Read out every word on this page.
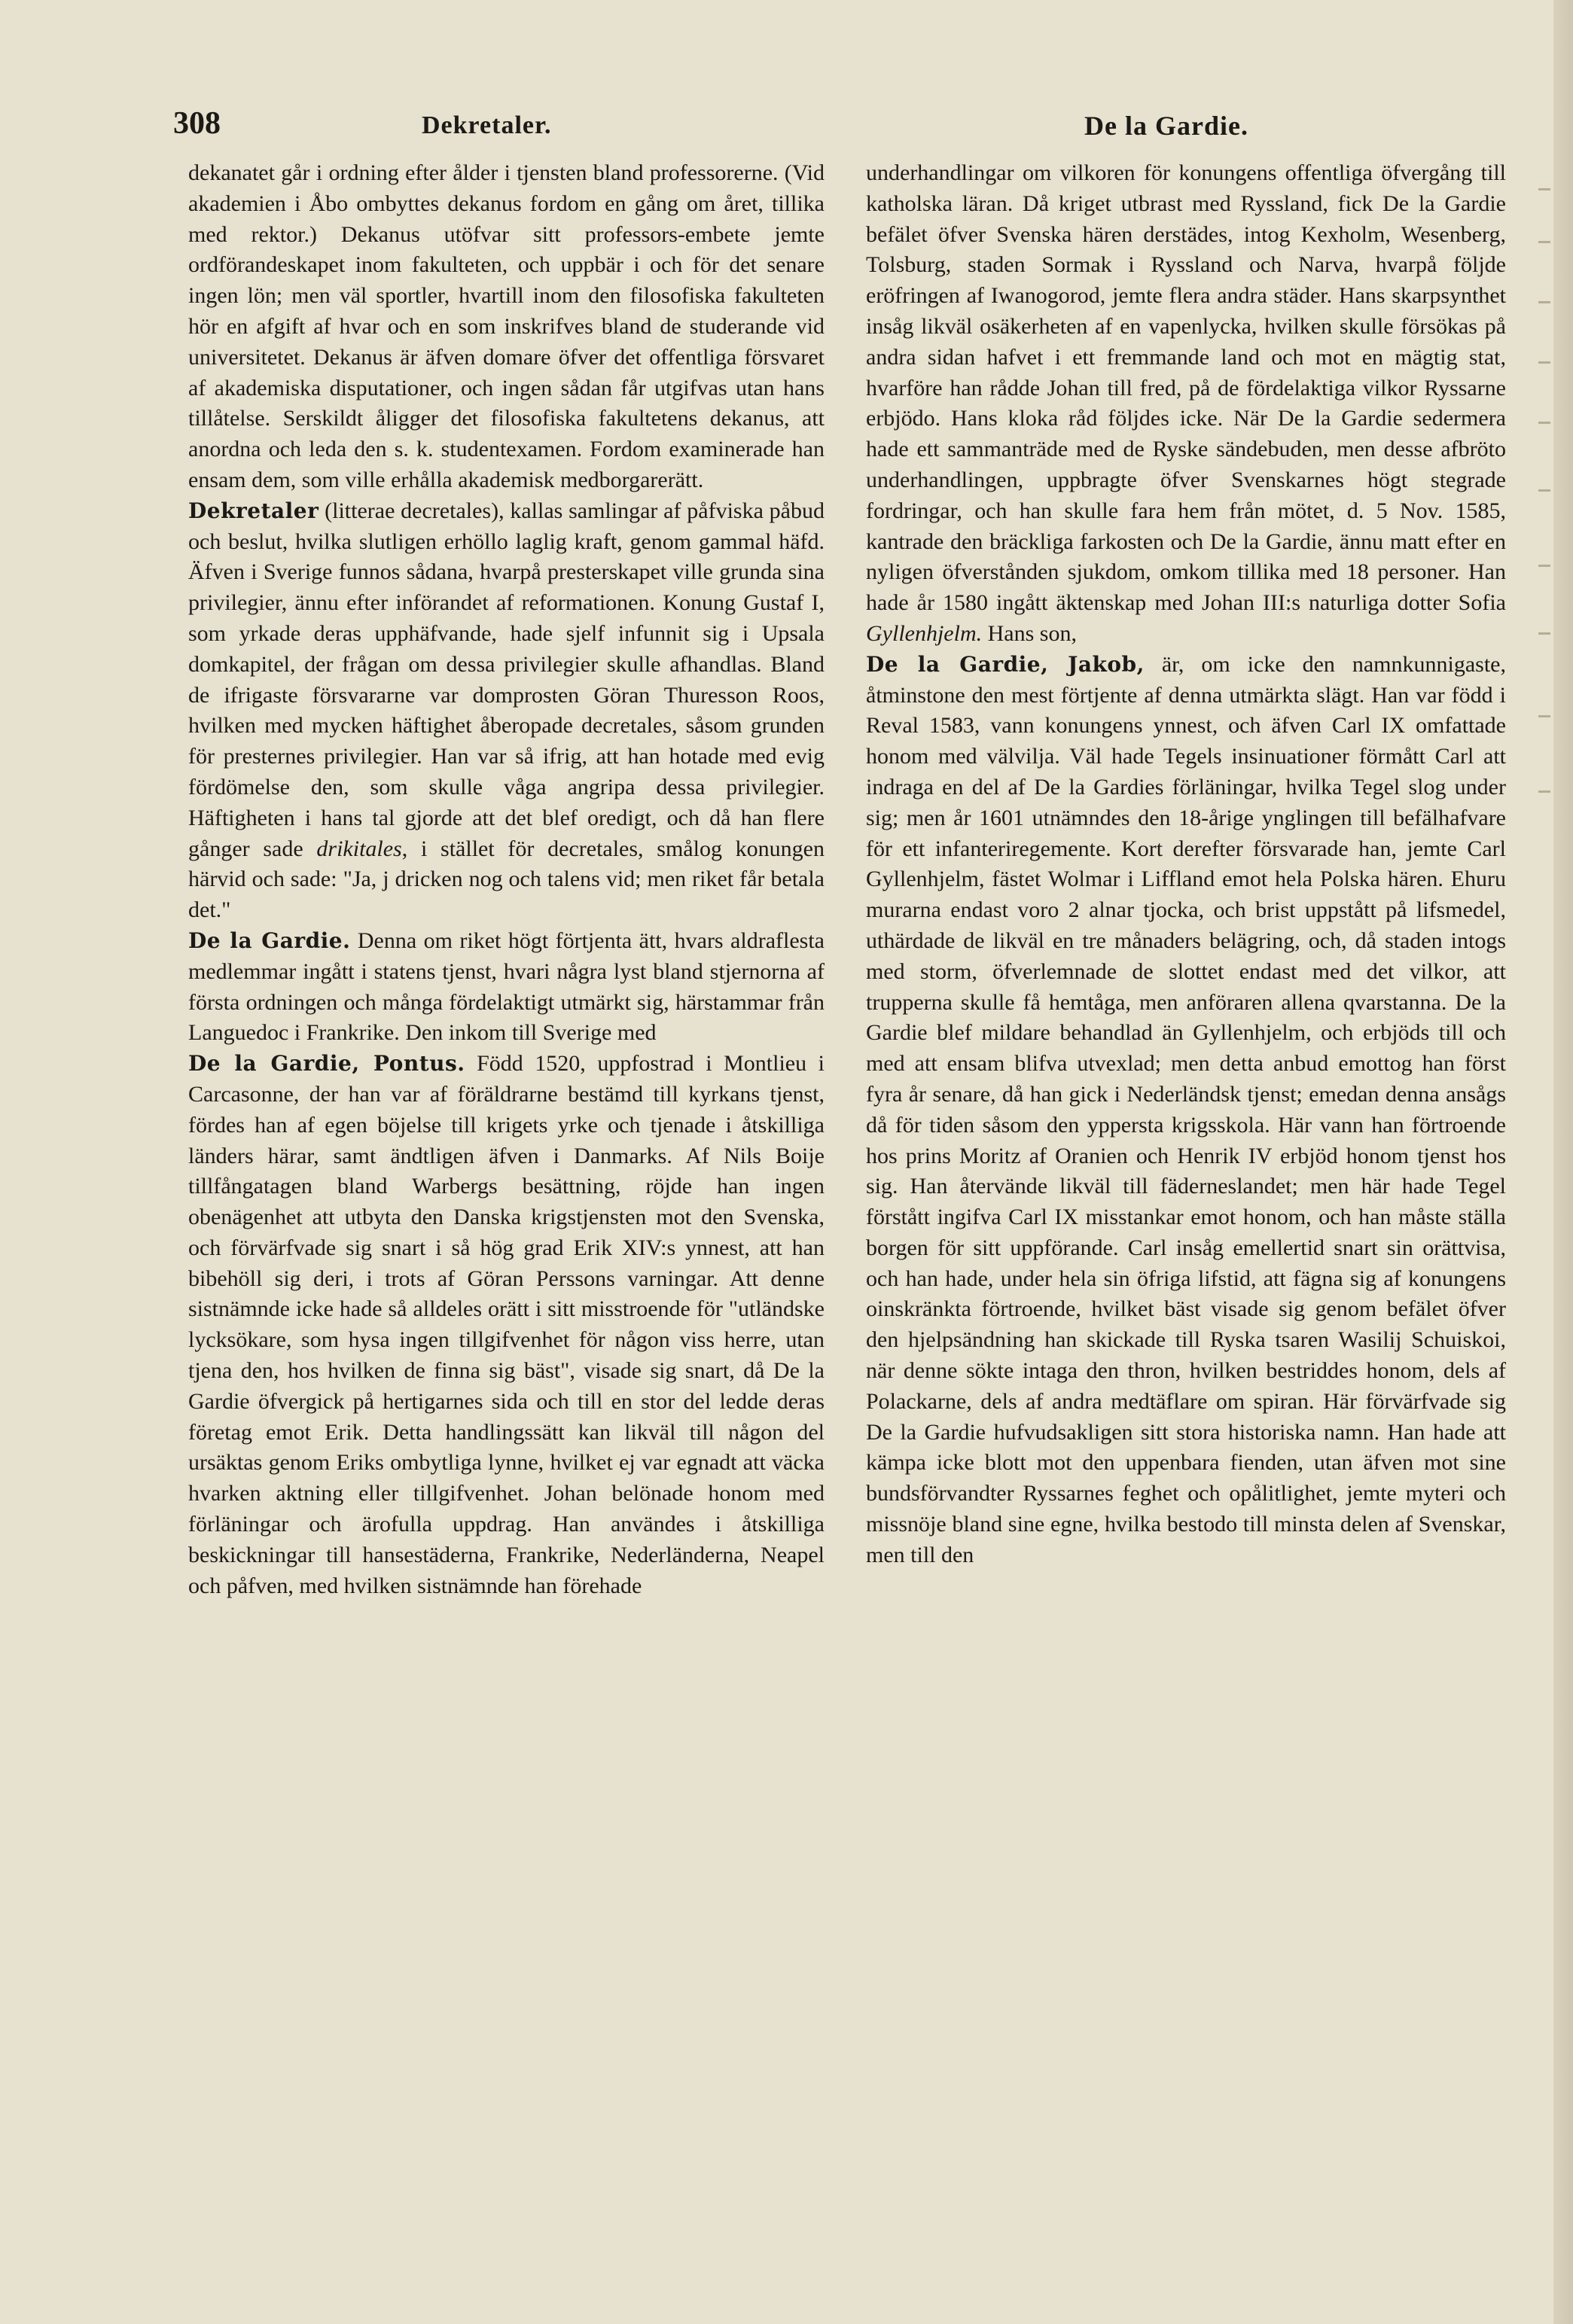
308	Dekretaler.	De la Gardie.

dekanatet går i ordning efter ålder i tjensten bland professorerne. (Vid akademien i Åbo ombyttes dekanus fordom en gång om året, tillika med rektor.) Dekanus utöfvar sitt professors-embete jemte ordförandeskapet inom fakulteten, och uppbär i och för det senare ingen lön; men väl sportler, hvartill inom den filosofiska fakulteten hör en afgift af hvar och en som inskrifves bland de studerande vid universitetet. Dekanus är äfven domare öfver det offentliga försvaret af akademiska disputationer, och ingen sådan får utgifvas utan hans tillåtelse. Serskildt åligger det filosofiska fakultetens dekanus, att anordna och leda den s. k. studentexamen. Fordom examinerade han ensam dem, som ville erhålla akademisk medborgarerätt.

Dekretaler (litterae decretales), kallas samlingar af påfviska påbud och beslut, hvilka slutligen erhöllo laglig kraft, genom gammal häfd. Äfven i Sverige funnos sådana, hvarpå presterskapet ville grunda sina privilegier, ännu efter införandet af reformationen. Konung Gustaf I, som yrkade deras upphäfvande, hade sjelf infunnit sig i Upsala domkapitel, der frågan om dessa privilegier skulle afhandlas. Bland de ifrigaste försvararne var domprosten Göran Thuresson Roos, hvilken med mycken häftighet åberopade decretales, såsom grunden för presternes privilegier. Han var så ifrig, att han hotade med evig fördömelse den, som skulle våga angripa dessa privilegier. Häftigheten i hans tal gjorde att det blef oredigt, och då han flere gånger sade drikitales, i stället för decretales, smålog konungen härvid och sade: "Ja, j dricken nog och talens vid; men riket får betala det."

De la Gardie. Denna om riket högt förtjenta ätt, hvars aldraflesta medlemmar ingått i statens tjenst, hvari några lyst bland stjernorna af första ordningen och många fördelaktigt utmärkt sig, härstammar från Languedoc i Frankrike. Den inkom till Sverige med

De la Gardie, Pontus. Född 1520, uppfostrad i Montlieu i Carcasonne, der han var af föräldrarne bestämd till kyrkans tjenst, fördes han af egen böjelse till krigets yrke och tjenade i åtskilliga länders härar, samt ändtligen äfven i Danmarks. Af Nils Boije tillfångatagen bland Warbergs besättning, röjde han ingen obenägenhet att utbyta den Danska krigstjensten mot den Svenska, och förvärfvade sig snart i så hög grad Erik XIV:s ynnest, att han bibehöll sig deri, i trots af Göran Perssons varningar. Att denne sistnämnde icke hade så alldeles orätt i sitt misstroende för "utländske lycksökare, som hysa ingen tillgifvenhet för någon viss herre, utan tjena den, hos hvilken de finna sig bäst", visade sig snart, då De la Gardie öfvergick på hertigarnes sida och till en stor del ledde deras företag emot Erik. Detta handlingssätt kan likväl till någon del ursäktas genom Eriks ombytliga lynne, hvilket ej var egnadt att väcka hvarken aktning eller tillgifvenhet. Johan belönade honom med förläningar och ärofulla uppdrag. Han användes i åtskilliga beskickningar till hansestäderna, Frankrike, Nederländerna, Neapel och påfven, med hvilken sistnämnde han förehade

underhandlingar om vilkoren för konungens offentliga öfvergång till katholska läran. Då kriget utbrast med Ryssland, fick De la Gardie befälet öfver Svenska hären derstädes, intog Kexholm, Wesenberg, Tolsburg, staden Sormak i Ryssland och Narva, hvarpå följde eröfringen af Iwanogorod, jemte flera andra städer. Hans skarpsynthet insåg likväl osäkerheten af en vapenlycka, hvilken skulle försökas på andra sidan hafvet i ett fremmande land och mot en mägtig stat, hvarföre han rådde Johan till fred, på de fördelaktiga vilkor Ryssarne erbjödo. Hans kloka råd följdes icke. När De la Gardie sedermera hade ett sammanträde med de Ryske sändebuden, men desse afbröto underhandlingen, uppbragte öfver Svenskarnes högt stegrade fordringar, och han skulle fara hem från mötet, d. 5 Nov. 1585, kantrade den bräckliga farkosten och De la Gardie, ännu matt efter en nyligen öfverstånden sjukdom, omkom tillika med 18 personer. Han hade år 1580 ingått äktenskap med Johan III:s naturliga dotter Sofia Gyllenhjelm. Hans son,

De la Gardie, Jakob, är, om icke den namnkunnigaste, åtminstone den mest förtjente af denna utmärkta slägt. Han var född i Reval 1583, vann konungens ynnest, och äfven Carl IX omfattade honom med välvilja. Väl hade Tegels insinuationer förmått Carl att indraga en del af De la Gardies förläningar, hvilka Tegel slog under sig; men år 1601 utnämndes den 18-årige ynglingen till befälhafvare för ett infanteriregemente. Kort derefter försvarade han, jemte Carl Gyllenhjelm, fästet Wolmar i Liffland emot hela Polska hären. Ehuru murarna endast voro 2 alnar tjocka, och brist uppstått på lifsmedel, uthärdade de likväl en tre månaders belägring, och, då staden intogs med storm, öfverlemnade de slottet endast med det vilkor, att trupperna skulle få hemtåga, men anföraren allena qvarstanna. De la Gardie blef mildare behandlad än Gyllenhjelm, och erbjöds till och med att ensam blifva utvexlad; men detta anbud emottog han först fyra år senare, då han gick i Nederländsk tjenst; emedan denna ansågs då för tiden såsom den yppersta krigsskola. Här vann han förtroende hos prins Moritz af Oranien och Henrik IV erbjöd honom tjenst hos sig. Han återvände likväl till fäderneslandet; men här hade Tegel förstått ingifva Carl IX misstankar emot honom, och han måste ställa borgen för sitt uppförande. Carl insåg emellertid snart sin orättvisa, och han hade, under hela sin öfriga lifstid, att fägna sig af konungens oinskränkta förtroende, hvilket bäst visade sig genom befälet öfver den hjelpsändning han skickade till Ryska tsaren Wasilij Schuiskoi, när denne sökte intaga den thron, hvilken bestriddes honom, dels af Polackarne, dels af andra medtäflare om spiran. Här förvärfvade sig De la Gardie hufvudsakligen sitt stora historiska namn. Han hade att kämpa icke blott mot den uppenbara fienden, utan äfven mot sine bundsförvandter Ryssarnes feghet och opålitlighet, jemte myteri och missnöje bland sine egne, hvilka bestodo till minsta delen af Svenskar, men till den
